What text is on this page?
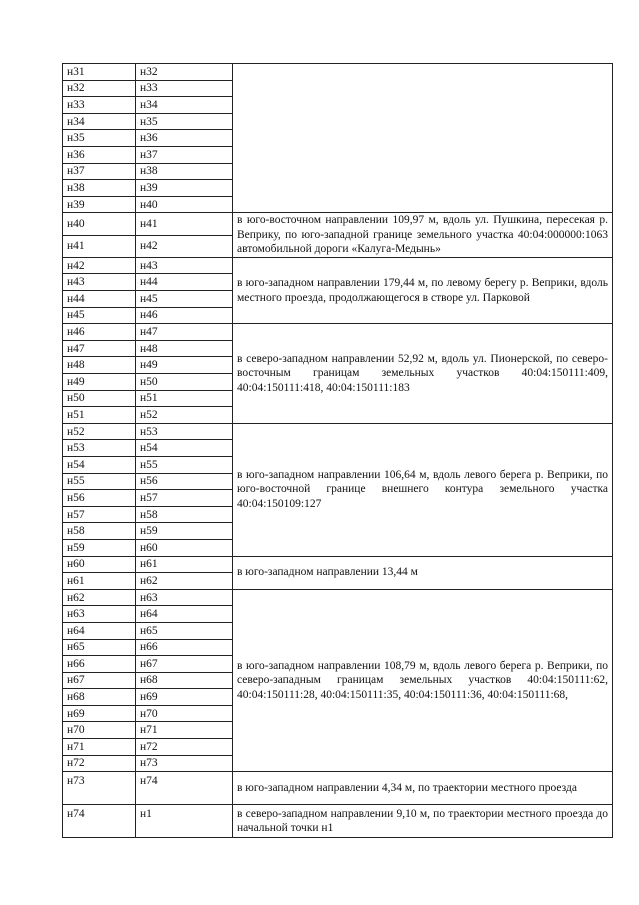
н31	н32	
н32	н33	
н33	н34	
н34	н35	
н35	н36	
н36	н37	
н37	н38	
н38	н39	
н39	н40	
н40	н41	в юго-восточном направлении 109,97 м, вдоль ул. Пушкина, пересекая р. Веприку, по юго-западной границе земельного участка 40:04:000000:1063 автомобильной дороги «Калуга-Медынь»
н41	н42	
н42	н43	в юго-западном направлении 179,44 м, по левому берегу р. Веприки, вдоль местного проезда, продолжающегося в створе ул. Парковой
н43	н44	
н44	н45	
н45	н46	
н46	н47	в северо-западном направлении 52,92 м, вдоль ул. Пионерской, по северо-восточным границам земельных участков 40:04:150111:409, 40:04:150111:418, 40:04:150111:183
н47	н48	
н48	н49	
н49	н50	
н50	н51	
н51	н52	
н52	н53	в юго-западном направлении 106,64 м, вдоль левого берега р. Веприки, по юго-восточной границе внешнего контура земельного участка 40:04:150109:127
н53	н54	
н54	н55	
н55	н56	
н56	н57	
н57	н58	
н58	н59	
н59	н60	
н60	н61	в юго-западном направлении 13,44 м
н61	н62	
н62	н63	в юго-западном направлении 108,79 м, вдоль левого берега р. Веприки, по северо-западным границам земельных участков 40:04:150111:62, 40:04:150111:28, 40:04:150111:35, 40:04:150111:36, 40:04:150111:68,
н63	н64	
н64	н65	
н65	н66	
н66	н67	
н67	н68	
н68	н69	
н69	н70	
н70	н71	
н71	н72	
н72	н73	
н73	н74	в юго-западном направлении 4,34 м, по траектории местного проезда
н74	н1	в северо-западном направлении 9,10 м, по траектории местного проезда до начальной точки н1
